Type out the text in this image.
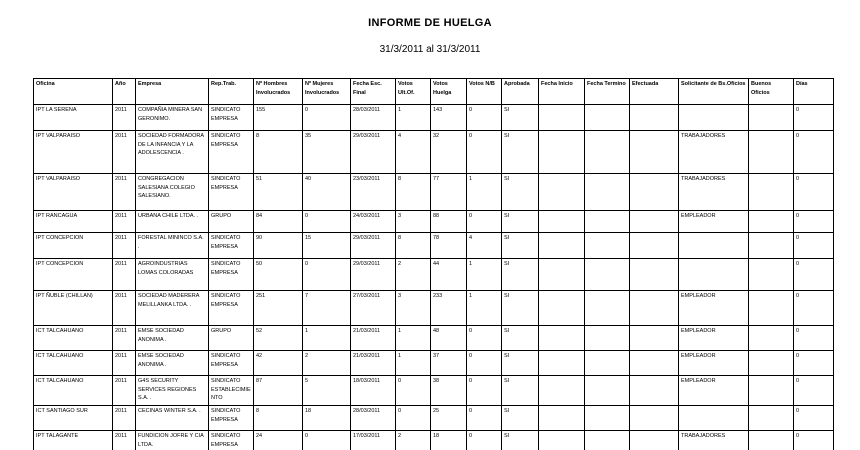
INFORME DE HUELGA
31/3/2011 al 31/3/2011
Oficina	Año	Empresa	Rep.Trab.	Nº Hombres Involucrados	Nº Mujeres Involucrados	Fecha Esc. Final	Votos Ult.Of.	Votos Huelga	Votos N/B	Aprobada	Fecha Inicio	Fecha Termino	Efectuada	Solicitante de Bs.Oficios	Buenos Oficios	Días
IPT LA SERENA	2011	COMPAÑIA MINERA SAN GERONIMO.	SINDICATO EMPRESA	155	0	28/03/2011	1	143	0	SI						0
IPT VALPARAISO	2011	SOCIEDAD FORMADORA DE LA INFANCIA Y LA ADOLESCENCIA .	SINDICATO EMPRESA	8	35	29/03/2011	4	32	0	SI				TRABAJADORES		0
IPT VALPARAISO	2011	CONGREGACION SALESIANA COLEGIO SALESIANO.	SINDICATO EMPRESA	51	40	23/03/2011	8	77	1	SI				TRABAJADORES		0
IPT RANCAGUA	2011	URBANA CHILE LTDA. .	GRUPO	84	0	24/03/2011	3	88	0	SI				EMPLEADOR		0
IPT CONCEPCION	2011	FORESTAL MININCO S.A. .	SINDICATO EMPRESA	90	15	29/03/2011	8	78	4	SI						0
IPT CONCEPCION	2011	AGROINDUSTRIAS LOMAS COLORADAS	SINDICATO EMPRESA	50	0	29/03/2011	2	44	1	SI						0
IPT ÑUBLE (CHILLAN)	2011	SOCIEDAD MADERERA MELILLANKA LTDA. .	SINDICATO EMPRESA	251	7	27/03/2011	3	233	1	SI				EMPLEADOR		0
ICT TALCAHUANO	2011	EMSE SOCIEDAD ANONIMA .	GRUPO	52	1	21/03/2011	1	48	0	SI				EMPLEADOR		0
ICT TALCAHUANO	2011	EMSE SOCIEDAD ANONIMA .	SINDICATO EMPRESA	42	2	21/03/2011	1	37	0	SI				EMPLEADOR		0
ICT TALCAHUANO	2011	G4S SECURITY SERVICES REGIONES S.A. .	SINDICATO ESTABLECIMIENTO	87	5	18/03/2011	0	38	0	SI				EMPLEADOR		0
ICT SANTIAGO SUR	2011	CECINAS WINTER S.A. .	SINDICATO EMPRESA	8	18	28/03/2011	0	25	0	SI						0
IPT TALAGANTE	2011	FUNDICION JOFRE Y CIA LTDA.	SINDICATO EMPRESA	24	0	17/03/2011	2	18	0	SI				TRABAJADORES		0
